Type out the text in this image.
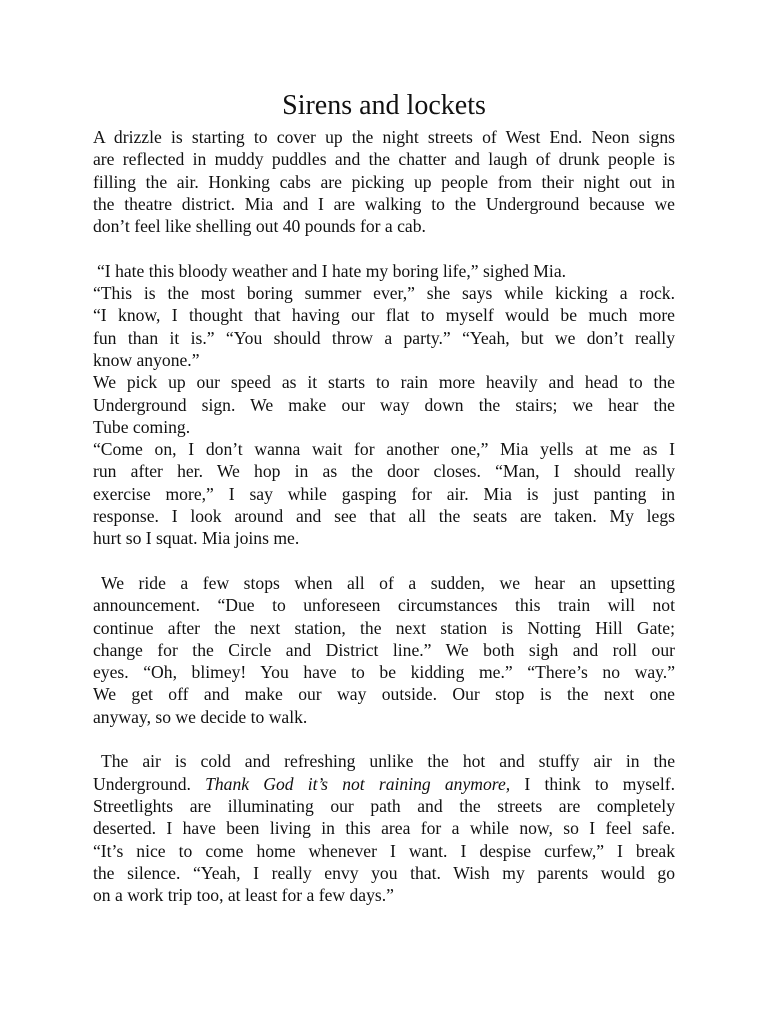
Sirens and lockets
A drizzle is starting to cover up the night streets of West End. Neon signs
are reflected in muddy puddles and the chatter and laugh of drunk people is
filling the air. Honking cabs are picking up people from their night out in
the theatre district. Mia and I are walking to the Underground because we
don’t feel like shelling out 40 pounds for a cab.
“I hate this bloody weather and I hate my boring life,” sighed Mia.
“This is the most boring summer ever,” she says while kicking a rock.
“I know, I thought that having our flat to myself would be much more
fun than it is.” “You should throw a party.” “Yeah, but we don’t really
know anyone.”
We pick up our speed as it starts to rain more heavily and head to the
Underground sign. We make our way down the stairs; we hear the
Tube coming.
“Come on, I don’t wanna wait for another one,” Mia yells at me as I
run after her. We hop in as the door closes. “Man, I should really
exercise more,” I say while gasping for air. Mia is just panting in
response. I look around and see that all the seats are taken. My legs
hurt so I squat. Mia joins me.
We ride a few stops when all of a sudden, we hear an upsetting
announcement. “Due to unforeseen circumstances this train will not
continue after the next station, the next station is Notting Hill Gate;
change for the Circle and District line.” We both sigh and roll our
eyes. “Oh, blimey! You have to be kidding me.” “There’s no way.”
We get off and make our way outside. Our stop is the next one
anyway, so we decide to walk.
The air is cold and refreshing unlike the hot and stuffy air in the
Underground. Thank God it’s not raining anymore, I think to myself.
Streetlights are illuminating our path and the streets are completely
deserted. I have been living in this area for a while now, so I feel safe.
“It’s nice to come home whenever I want. I despise curfew,” I break
the silence. “Yeah, I really envy you that. Wish my parents would go
on a work trip too, at least for a few days.”
